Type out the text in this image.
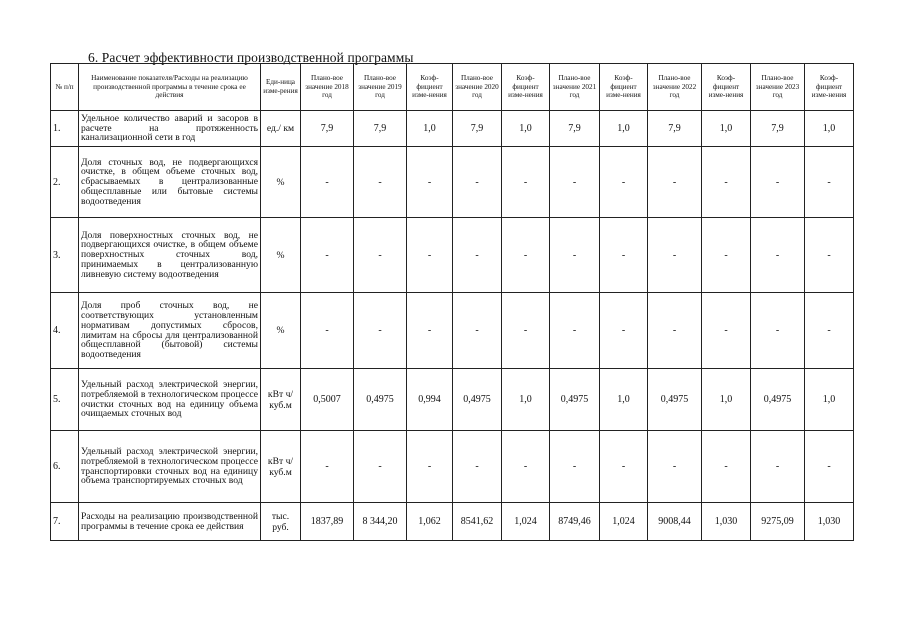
6. Расчет эффективности производственной программы
№ п/п	Наименование показателя/Расходы на реализацию производственной программы в течение срока ее действия	Еди-ница изме-рения	Плано-вое значение 2018 год	Плано-вое значение 2019 год	Коэф-фициент изме-нения	Плано-вое значение 2020 год	Коэф-фициент изме-нения	Плано-вое значение 2021 год	Коэф-фициент изме-нения	Плано-вое значение 2022 год	Коэф-фициент изме-нения	Плано-вое значение 2023 год	Коэф-фициент изме-нения
1.	Удельное количество аварий и засоров в расчете на протяженность канализационной сети в год	ед./ км	7,9	7,9	1,0	7,9	1,0	7,9	1,0	7,9	1,0	7,9	1,0
2.	Доля сточных вод, не подвергающихся очистке, в общем объеме сточных вод, сбрасываемых в централизованные общесплавные или бытовые системы водоотведения	%	-	-	-	-	-	-	-	-	-	-	-
3.	Доля поверхностных сточных вод, не подвергающихся очистке, в общем объеме поверхностных сточных вод, принимаемых в централизованную ливневую систему водоотведения	%	-	-	-	-	-	-	-	-	-	-	-
4.	Доля проб сточных вод, не соответствующих установленным нормативам допустимых сбросов, лимитам на сбросы для централизованной общесплавной (бытовой) системы водоотведения	%	-	-	-	-	-	-	-	-	-	-	-
5.	Удельный расход электрической энергии, потребляемой в технологическом процессе очистки сточных вод на единицу объема очищаемых сточных вод	кВт ч/куб.м	0,5007	0,4975	0,994	0,4975	1,0	0,4975	1,0	0,4975	1,0	0,4975	1,0
6.	Удельный расход электрической энергии, потребляемой в технологическом процессе транспортировки сточных вод на единицу объема транспортируемых сточных вод	кВт ч/куб.м	-	-	-	-	-	-	-	-	-	-	-
7.	Расходы на реализацию производственной программы в течение срока ее действия	тыс. руб.	1837,89	8 344,20	1,062	8541,62	1,024	8749,46	1,024	9008,44	1,030	9275,09	1,030
